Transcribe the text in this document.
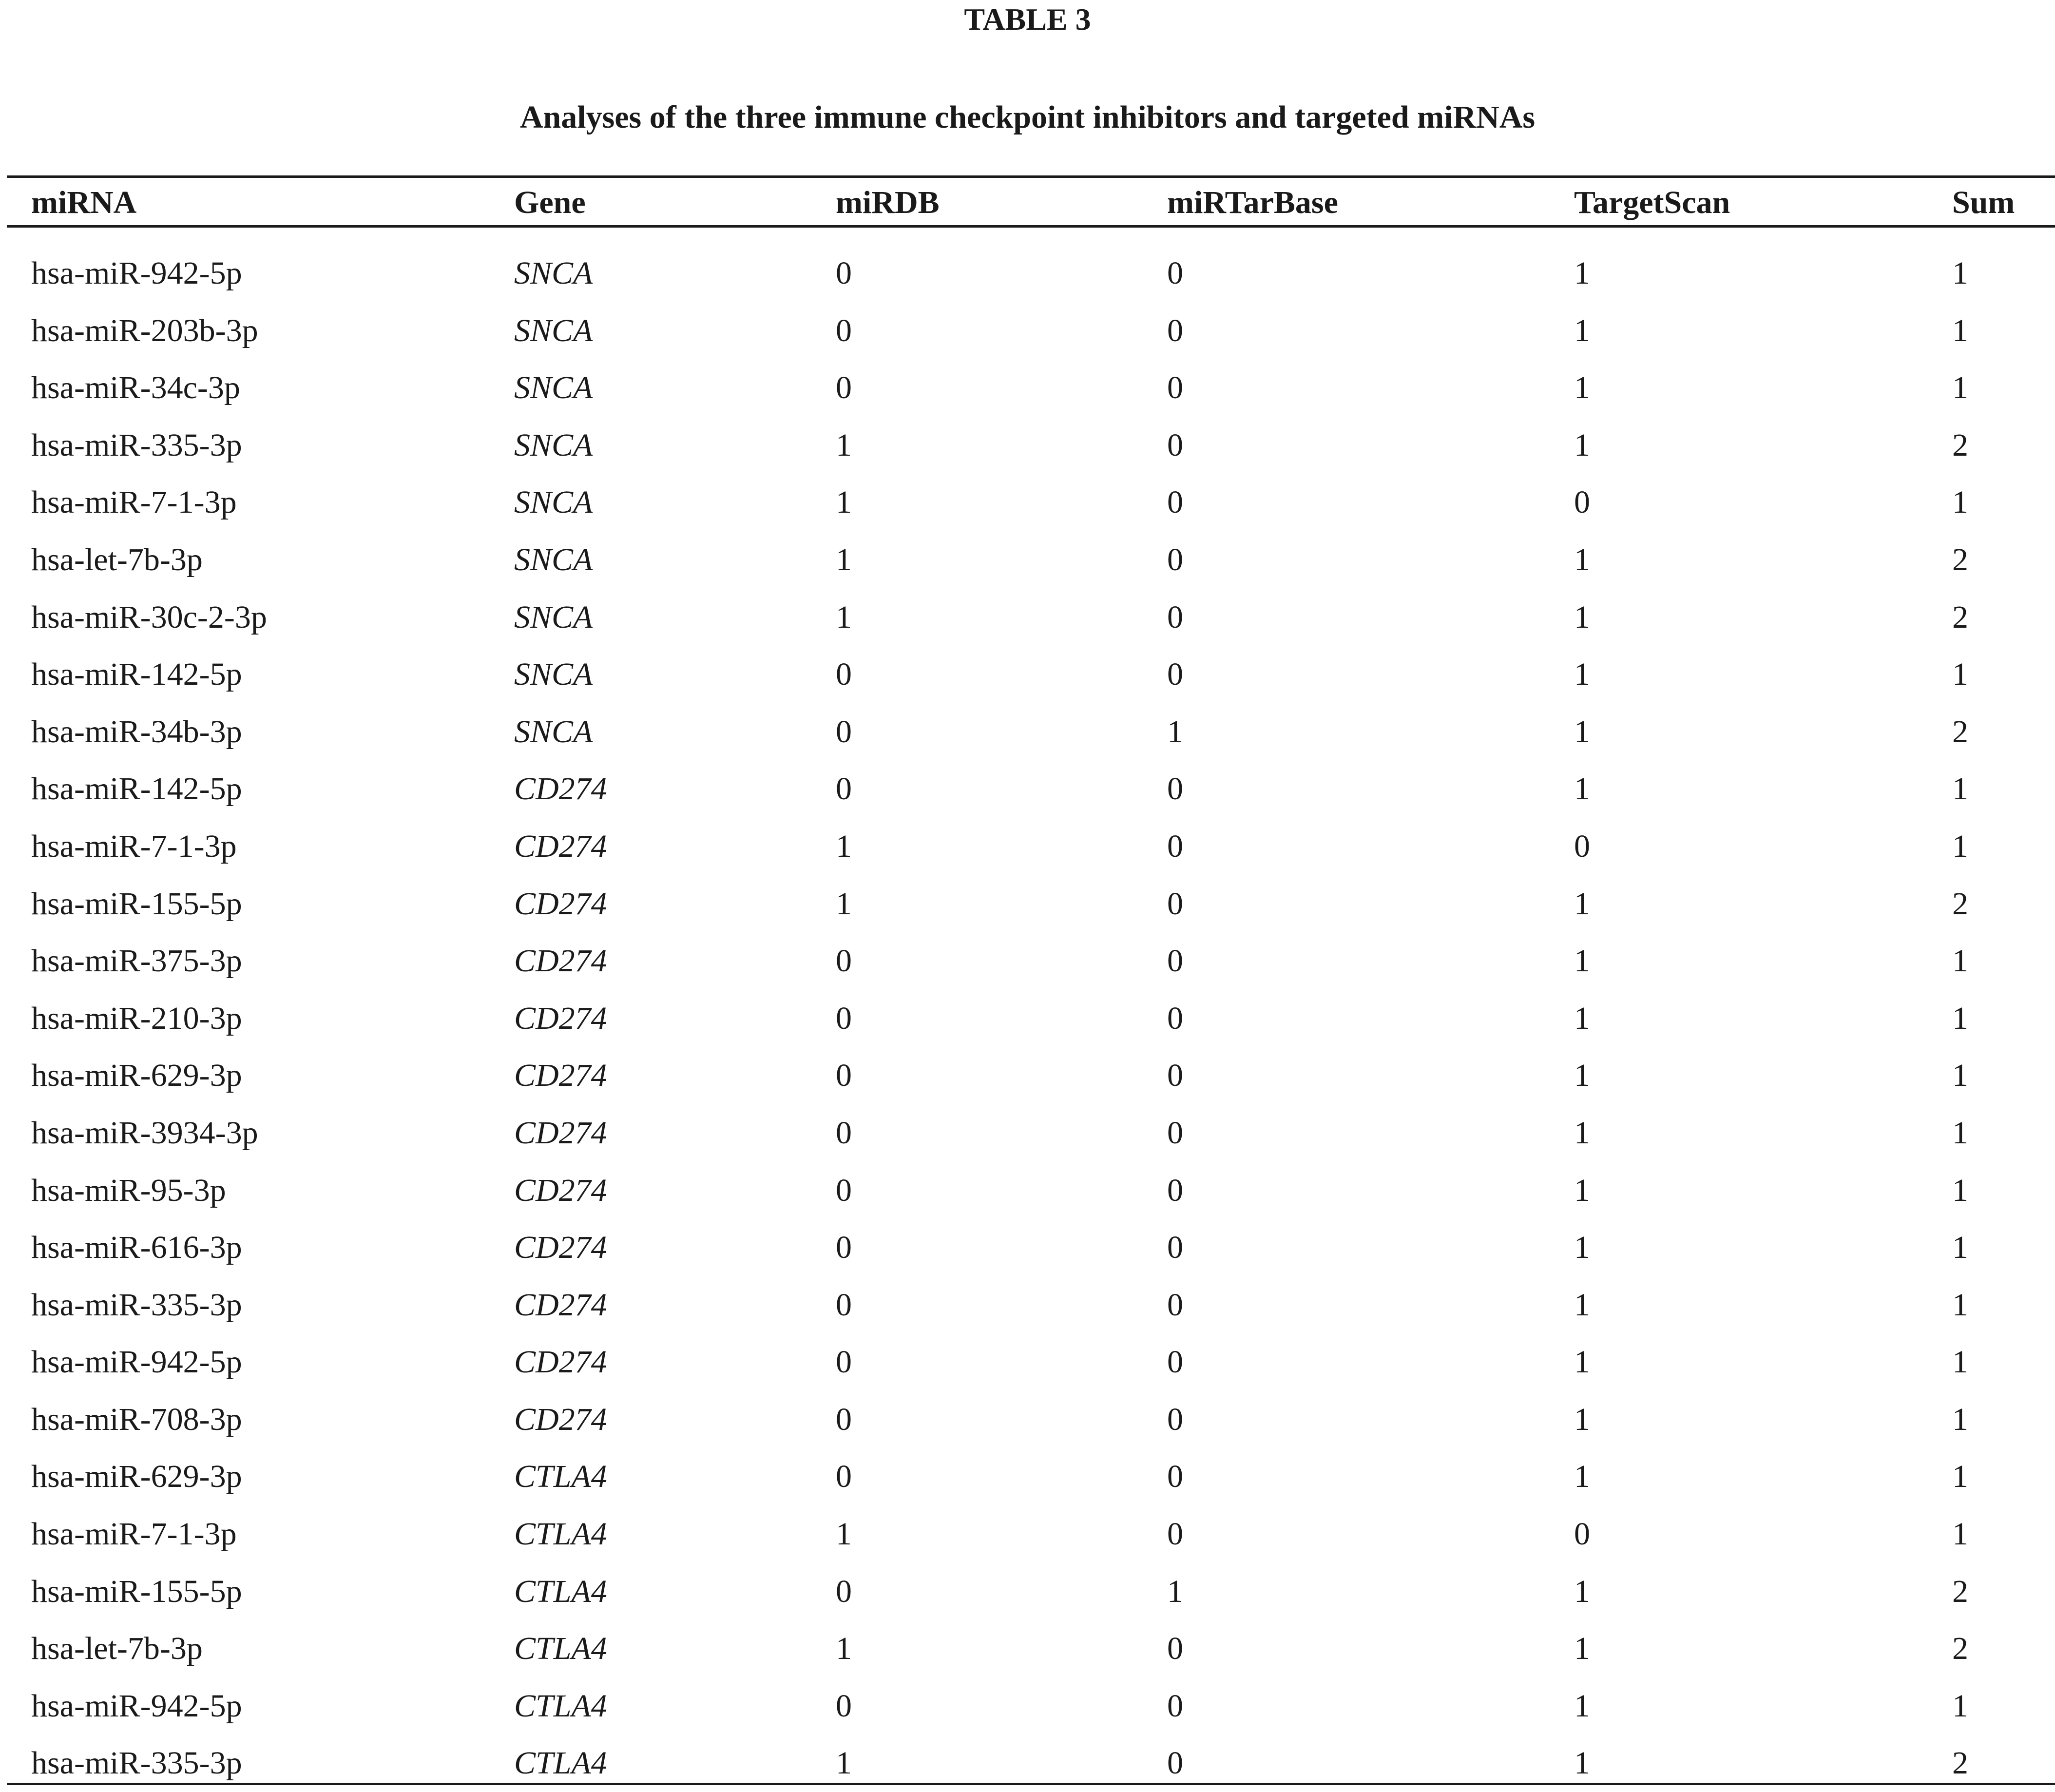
TABLE 3
Analyses of the three immune checkpoint inhibitors and targeted miRNAs
miRNA	Gene	miRDB	miRTarBase	TargetScan	Sum
hsa-miR-942-5p	SNCA	0	0	1	1
hsa-miR-203b-3p	SNCA	0	0	1	1
hsa-miR-34c-3p	SNCA	0	0	1	1
hsa-miR-335-3p	SNCA	1	0	1	2
hsa-miR-7-1-3p	SNCA	1	0	0	1
hsa-let-7b-3p	SNCA	1	0	1	2
hsa-miR-30c-2-3p	SNCA	1	0	1	2
hsa-miR-142-5p	SNCA	0	0	1	1
hsa-miR-34b-3p	SNCA	0	1	1	2
hsa-miR-142-5p	CD274	0	0	1	1
hsa-miR-7-1-3p	CD274	1	0	0	1
hsa-miR-155-5p	CD274	1	0	1	2
hsa-miR-375-3p	CD274	0	0	1	1
hsa-miR-210-3p	CD274	0	0	1	1
hsa-miR-629-3p	CD274	0	0	1	1
hsa-miR-3934-3p	CD274	0	0	1	1
hsa-miR-95-3p	CD274	0	0	1	1
hsa-miR-616-3p	CD274	0	0	1	1
hsa-miR-335-3p	CD274	0	0	1	1
hsa-miR-942-5p	CD274	0	0	1	1
hsa-miR-708-3p	CD274	0	0	1	1
hsa-miR-629-3p	CTLA4	0	0	1	1
hsa-miR-7-1-3p	CTLA4	1	0	0	1
hsa-miR-155-5p	CTLA4	0	1	1	2
hsa-let-7b-3p	CTLA4	1	0	1	2
hsa-miR-942-5p	CTLA4	0	0	1	1
hsa-miR-335-3p	CTLA4	1	0	1	2
